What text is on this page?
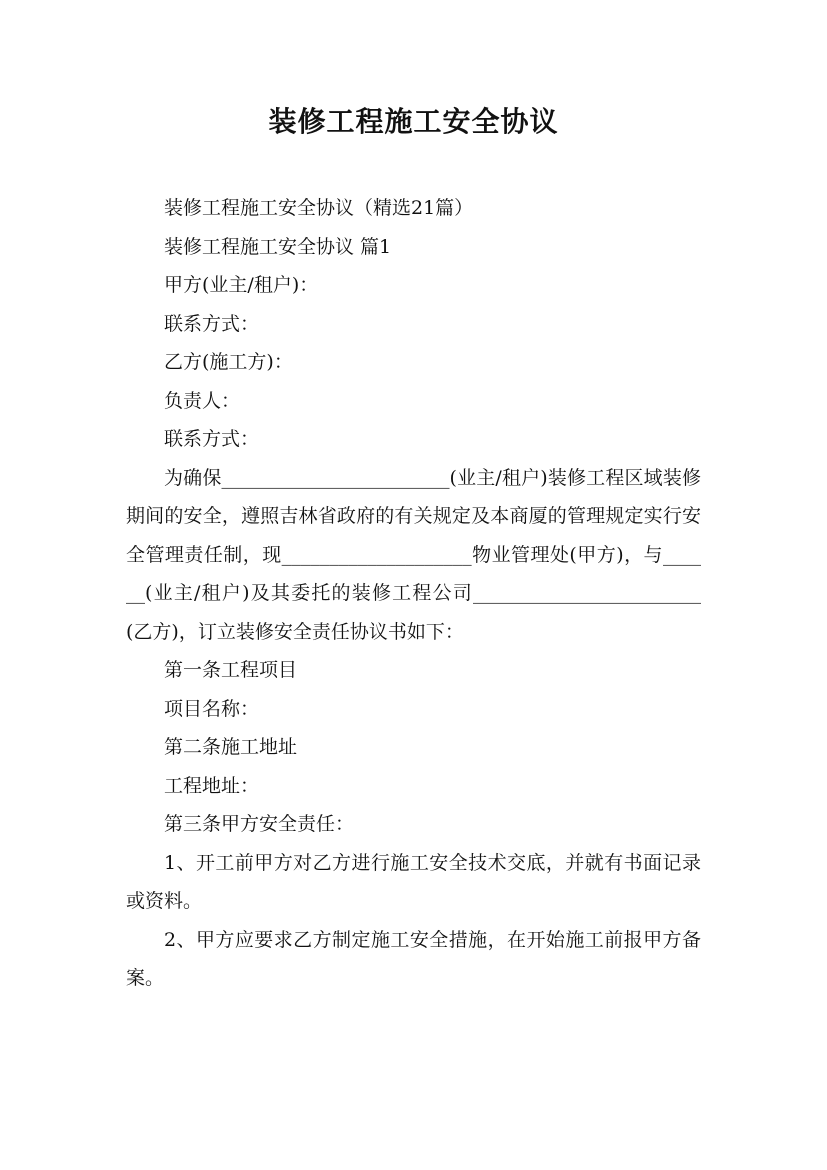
装修工程施工安全协议

装修工程施工安全协议（精选21篇）

装修工程施工安全协议 篇1

甲方(业主/租户)：

联系方式：

乙方(施工方)：

负责人：

联系方式：

为确保________________________(业主/租户)装修工程区域装修期间的安全，遵照吉林省政府的有关规定及本商厦的管理规定实行安全管理责任制，现____________________物业管理处(甲方)，与______(业主/租户)及其委托的装修工程公司________________________(乙方)，订立装修安全责任协议书如下：

第一条工程项目

项目名称：

第二条施工地址

工程地址：

第三条甲方安全责任：

1、开工前甲方对乙方进行施工安全技术交底，并就有书面记录或资料。

2、甲方应要求乙方制定施工安全措施，在开始施工前报甲方备案。
